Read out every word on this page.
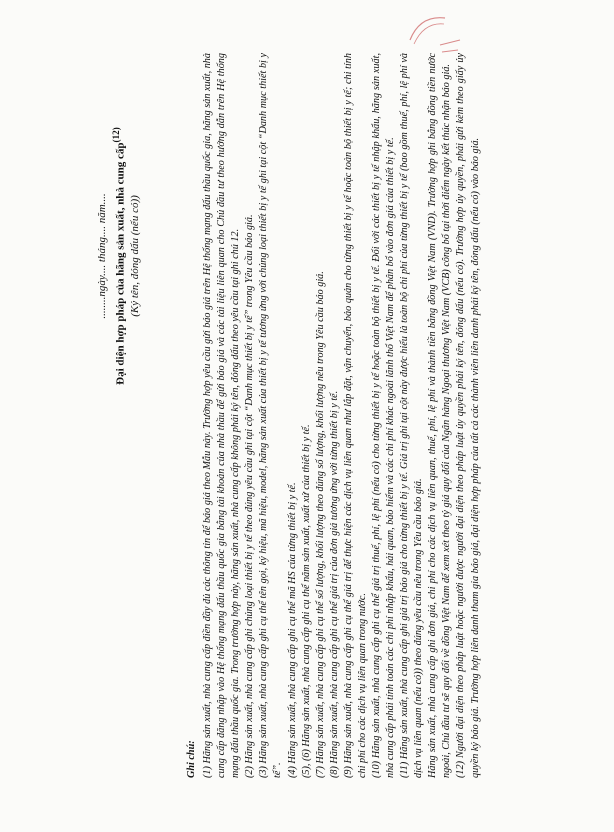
........ngày.... tháng.... năm.... Đại diện hợp pháp của hãng sản xuất, nhà cung cấp$^{(12)}$
(Ký tên, đóng dấu (nếu có))
Ghi chú: (1) Hãng sản xuất, nhà cung cấp điền đầy đủ các thông tin để báo giá theo Mẫu này. Trường hợp yêu cầu gửi báo giá trên Hệ thống mạng đấu thầu quốc gia, hãng sản xuất, nhà cung cấp đăng nhập vào Hệ thống mạng đấu thầu quốc gia bằng tài khoản của nhà thầu để gửi báo giá và các tài liệu liên quan cho Chủ đầu tư theo hướng dẫn trên Hệ thống mạng đấu thầu quốc gia. Trong trường hợp này, hãng sản xuất, nhà cung cấp không phải ký tên, đóng dấu theo yêu cầu tại ghi chú 12. (2) Hãng sản xuất, nhà cung cấp ghi chủng loại thiết bị y tế theo đúng yêu cầu ghi tại cột “Danh mục thiết bị y tế” trong Yêu cầu báo giá. (3) Hãng sản xuất, nhà cung cấp ghi cụ thể tên gọi, ký hiệu, mã hiệu, model, hãng sản xuất của thiết bị y tế tương ứng với chủng loại thiết bị y tế ghi tại cột “Danh mục thiết bị y tế”. (4) Hãng sản xuất, nhà cung cấp ghi cụ thể mã HS của từng thiết bị y tế. (5), (6) Hãng sản xuất, nhà cung cấp ghi cụ thể năm sản xuất, xuất xứ của thiết bị y tế. (7) Hãng sản xuất, nhà cung cấp ghi cụ thể số lượng, khối lượng theo đúng số lượng, khối lượng nêu trong Yêu cầu báo giá. (8) Hãng sản xuất, nhà cung cấp ghi cụ thể giá trị của đơn giá tương ứng với từng thiết bị y tế. (9) Hãng sản xuất, nhà cung cấp ghi cụ thể giá trị để thực hiện các dịch vụ liên quan như lắp đặt, vận chuyển, bảo quản cho từng thiết bị y tế hoặc toàn bộ thiết bị y tế; chi tính chi phí cho các dịch vụ liên quan trong nước. (10) Hãng sản xuất, nhà cung cấp ghi cụ thể giá trị thuế, phí, lệ phí (nếu có) cho từng thiết bị y tế hoặc toàn bộ thiết bị y tế. Đối với các thiết bị y tế nhập khẩu, hãng sản xuất, nhà cung cấp phải tính toán các chi phí nhập khẩu, hải quan, bảo hiểm và các chi phí khác ngoài lãnh thổ Việt Nam để phân bổ vào đơn giá của thiết bị y tế. (11) Hãng sản xuất, nhà cung cấp ghi giá trị báo giá cho từng thiết bị y tế. Giá trị ghi tại cột này được hiểu là toàn bộ chi phí của từng thiết bị y tế (bao gồm thuế, phí, lệ phí và dịch vụ liên quan (nếu có)) theo đúng yêu cầu nêu trong Yêu cầu báo giá. Hãng sản xuất, nhà cung cấp ghi đơn giá, chi phí cho các dịch vụ liên quan, thuế, phí, lệ phí và thành tiền bằng đồng Việt Nam (VND). Trường hợp ghi bằng đồng tiền nước ngoài, Chủ đầu tư sẽ quy đổi về đồng Việt Nam để xem xét theo tỷ giá quy đổi của Ngân hàng Ngoại thương Việt Nam (VCB) công bố tại thời điểm ngày kết thúc nhận báo giá. (12) Người đại diện theo pháp luật hoặc người được người đại diện theo pháp luật ủy quyền phải ký tên, đóng dấu (nếu có). Trường hợp ủy quyền, phải gửi kèm theo giấy ủy quyền ký báo giá. Trường hợp liên danh tham gia báo giá, đại diện hợp pháp của tất cả các thành viên liên danh phải ký tên, đóng dấu (nếu có) vào báo giá.
